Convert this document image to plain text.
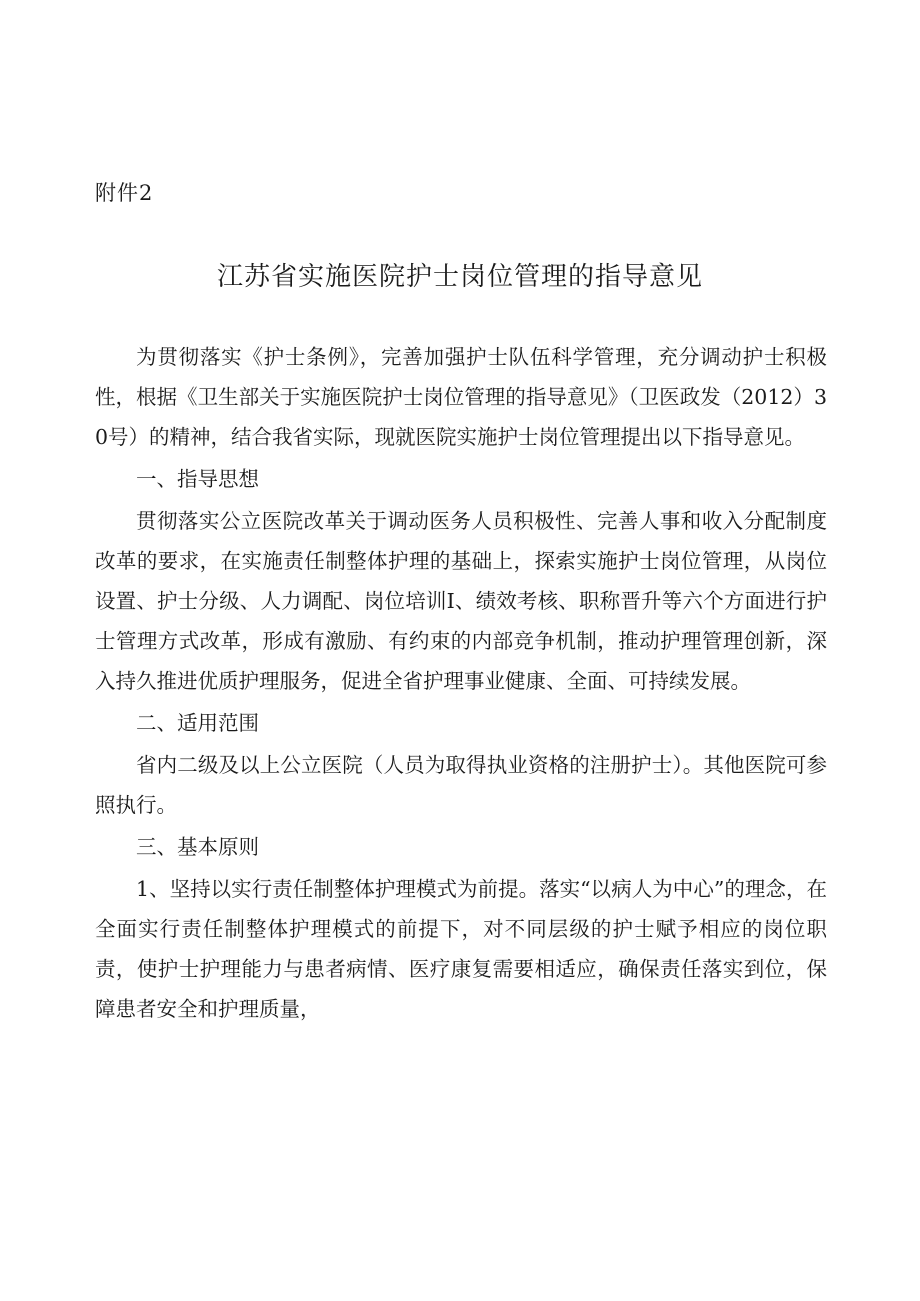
附件2
江苏省实施医院护士岗位管理的指导意见

为贯彻落实《护士条例》，完善加强护士队伍科学管理，充分调动护士积极性，根据《卫生部关于实施医院护士岗位管理的指导意见》（卫医政发（2012）30号）的精神，结合我省实际，现就医院实施护士岗位管理提出以下指导意见。

一、指导思想

贯彻落实公立医院改革关于调动医务人员积极性、完善人事和收入分配制度改革的要求，在实施责任制整体护理的基础上，探索实施护士岗位管理，从岗位设置、护士分级、人力调配、岗位培训I、绩效考核、职称晋升等六个方面进行护士管理方式改革，形成有激励、有约束的内部竞争机制，推动护理管理创新，深入持久推进优质护理服务，促进全省护理事业健康、全面、可持续发展。

二、适用范围

省内二级及以上公立医院（人员为取得执业资格的注册护士）。其他医院可参照执行。

三、基本原则

1、坚持以实行责任制整体护理模式为前提。落实“以病人为中心”的理念，在全面实行责任制整体护理模式的前提下，对不同层级的护士赋予相应的岗位职责，使护士护理能力与患者病情、医疗康复需要相适应，确保责任落实到位，保障患者安全和护理质量，
